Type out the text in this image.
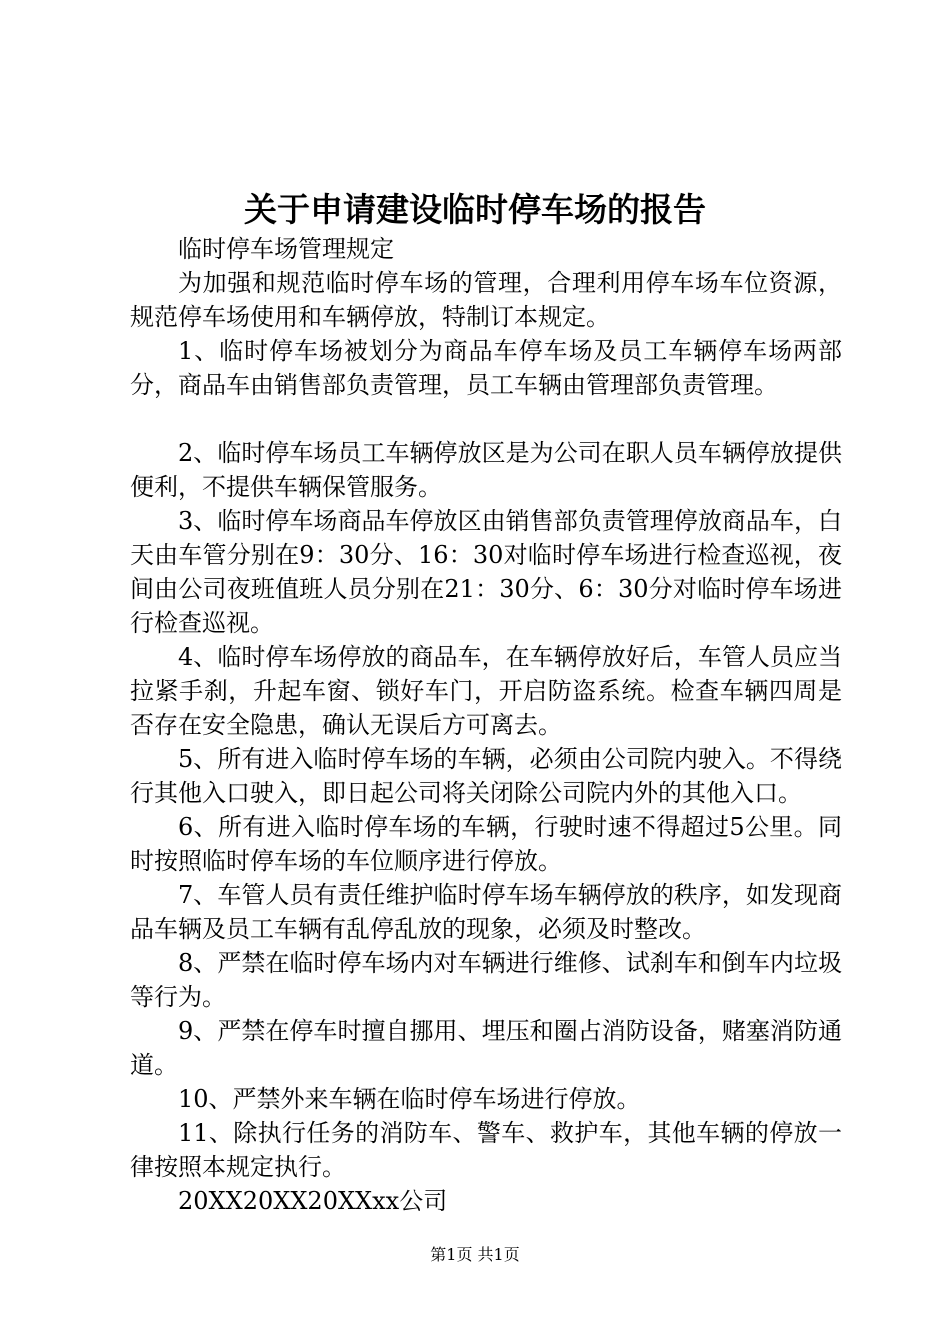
关于申请建设临时停车场的报告

临时停车场管理规定

为加强和规范临时停车场的管理，合理利用停车场车位资源，规范停车场使用和车辆停放，特制订本规定。

1、临时停车场被划分为商品车停车场及员工车辆停车场两部分，商品车由销售部负责管理，员工车辆由管理部负责管理。

2、临时停车场员工车辆停放区是为公司在职人员车辆停放提供便利，不提供车辆保管服务。

3、临时停车场商品车停放区由销售部负责管理停放商品车，白天由车管分别在9：30分、16：30对临时停车场进行检查巡视，夜间由公司夜班值班人员分别在21：30分、6：30分对临时停车场进行检查巡视。

4、临时停车场停放的商品车，在车辆停放好后，车管人员应当拉紧手刹，升起车窗、锁好车门，开启防盗系统。检查车辆四周是否存在安全隐患，确认无误后方可离去。

5、所有进入临时停车场的车辆，必须由公司院内驶入。不得绕行其他入口驶入，即日起公司将关闭除公司院内外的其他入口。

6、所有进入临时停车场的车辆，行驶时速不得超过5公里。同时按照临时停车场的车位顺序进行停放。

7、车管人员有责任维护临时停车场车辆停放的秩序，如发现商品车辆及员工车辆有乱停乱放的现象，必须及时整改。

8、严禁在临时停车场内对车辆进行维修、试刹车和倒车内垃圾等行为。

9、严禁在停车时擅自挪用、埋压和圈占消防设备，赌塞消防通道。

10、严禁外来车辆在临时停车场进行停放。

11、除执行任务的消防车、警车、救护车，其他车辆的停放一律按照本规定执行。

20XX20XX20XXxx公司

第1页 共1页
